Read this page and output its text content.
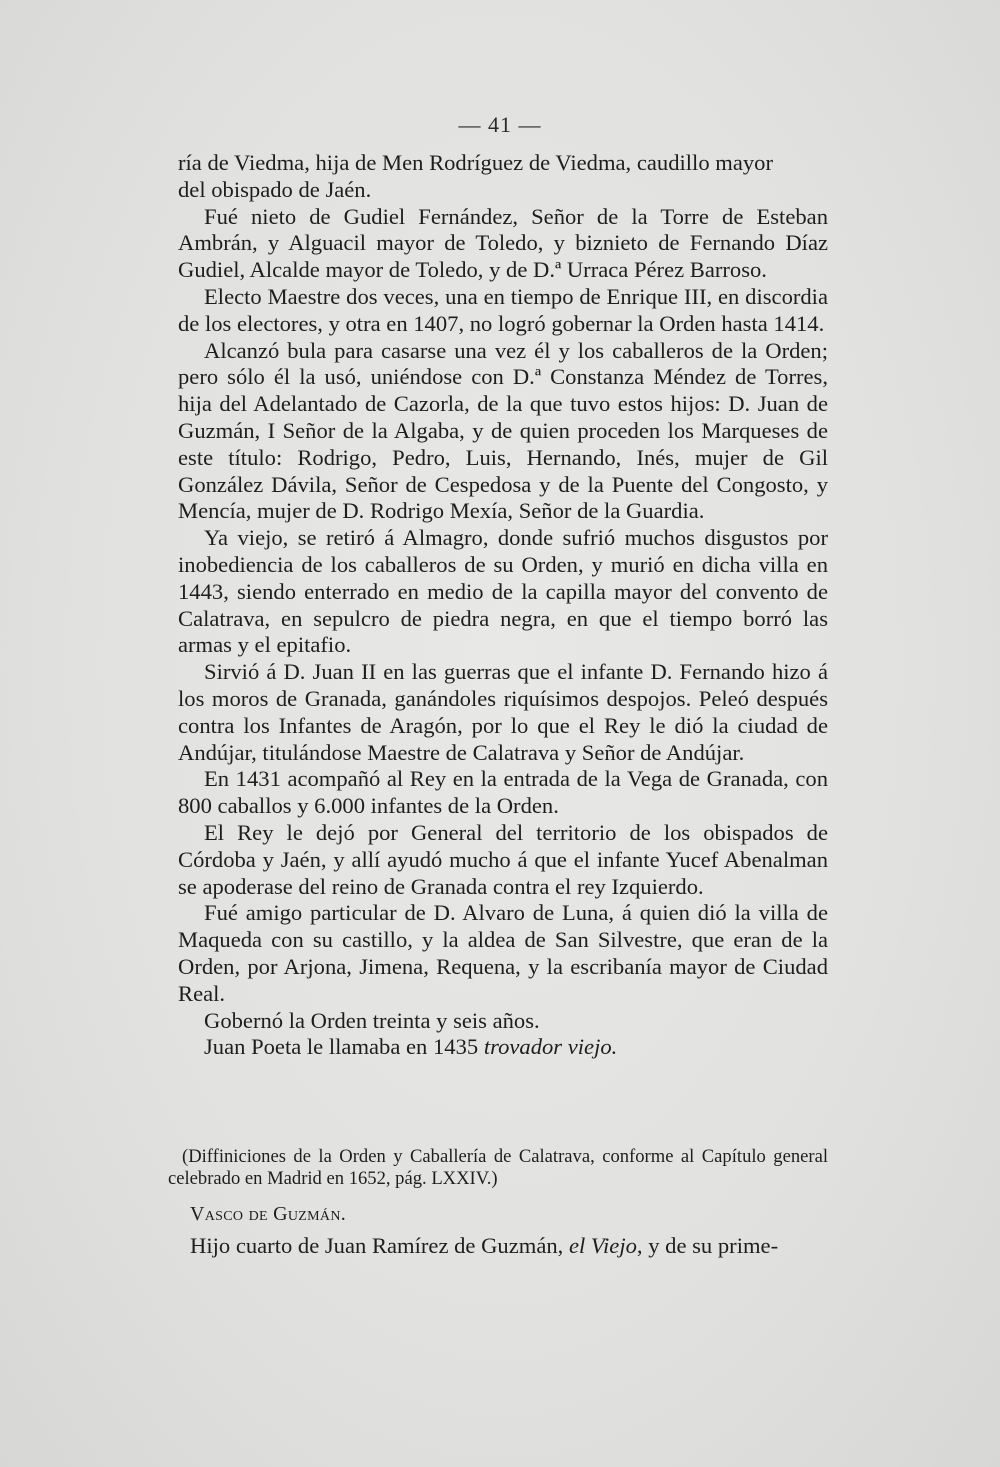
— 41 —

ría de Viedma, hija de Men Rodríguez de Viedma, caudillo mayor
del obispado de Jaén.

Fué nieto de Gudiel Fernández, Señor de la Torre de Esteban Ambrán, y Alguacil mayor de Toledo, y biznieto de Fernando Díaz Gudiel, Alcalde mayor de Toledo, y de D.ª Urraca Pérez Barroso.

Electo Maestre dos veces, una en tiempo de Enrique III, en discordia de los electores, y otra en 1407, no logró gobernar la Orden hasta 1414.

Alcanzó bula para casarse una vez él y los caballeros de la Orden; pero sólo él la usó, uniéndose con D.ª Constanza Méndez de Torres, hija del Adelantado de Cazorla, de la que tuvo estos hijos: D. Juan de Guzmán, I Señor de la Algaba, y de quien proceden los Marqueses de este título: Rodrigo, Pedro, Luis, Hernando, Inés, mujer de Gil González Dávila, Señor de Cespedosa y de la Puente del Congosto, y Mencía, mujer de D. Rodrigo Mexía, Señor de la Guardia.

Ya viejo, se retiró á Almagro, donde sufrió muchos disgustos por inobediencia de los caballeros de su Orden, y murió en dicha villa en 1443, siendo enterrado en medio de la capilla mayor del convento de Calatrava, en sepulcro de piedra negra, en que el tiempo borró las armas y el epitafio.

Sirvió á D. Juan II en las guerras que el infante D. Fernando hizo á los moros de Granada, ganándoles riquísimos despojos. Peleó después contra los Infantes de Aragón, por lo que el Rey le dió la ciudad de Andújar, titulándose Maestre de Calatrava y Señor de Andújar.

En 1431 acompañó al Rey en la entrada de la Vega de Granada, con 800 caballos y 6.000 infantes de la Orden.

El Rey le dejó por General del territorio de los obispados de Córdoba y Jaén, y allí ayudó mucho á que el infante Yucef Abenalman se apoderase del reino de Granada contra el rey Izquierdo.

Fué amigo particular de D. Alvaro de Luna, á quien dió la villa de Maqueda con su castillo, y la aldea de San Silvestre, que eran de la Orden, por Arjona, Jimena, Requena, y la escribanía mayor de Ciudad Real.

Gobernó la Orden treinta y seis años.

Juan Poeta le llamaba en 1435 trovador viejo.

(Diffiniciones de la Orden y Caballería de Calatrava, conforme al Capítulo general celebrado en Madrid en 1652, pág. LXXIV.)
Vasco de Guzmán.
Hijo cuarto de Juan Ramírez de Guzmán, el Viejo, y de su prime-
